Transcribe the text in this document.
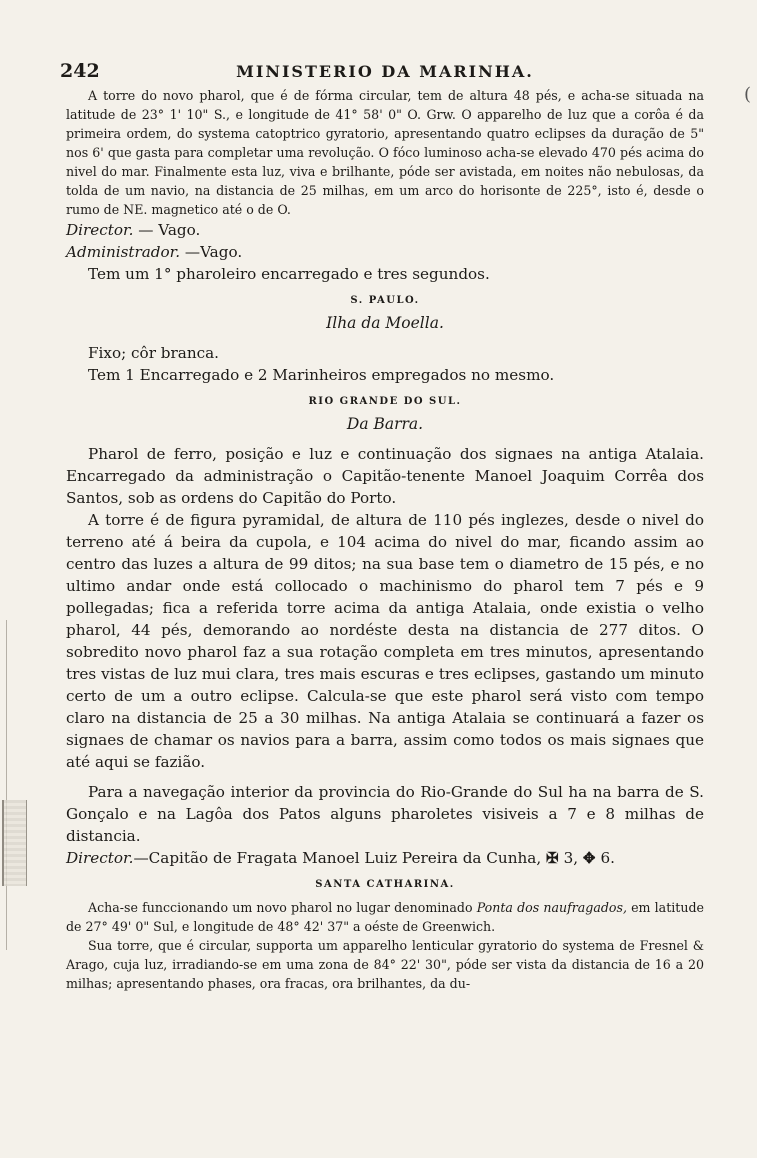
(
242	MINISTERIO DA MARINHA.

A torre do novo pharol, que é de fórma circular, tem de altura 48 pés, e acha-se situada na latitude de 23° 1' 10" S., e longitude de 41° 58' 0" O. Grw. O apparelho de luz que a corôa é da primeira ordem, do systema catoptrico gyratorio, apresentando quatro eclipses da duração de 5" nos 6' que gasta para completar uma revolução. O fóco luminoso acha-se elevado 470 pés acima do nivel do mar. Finalmente esta luz, viva e brilhante, póde ser avistada, em noites não nebulosas, da tolda de um navio, na distancia de 25 milhas, em um arco do horisonte de 225°, isto é, desde o rumo de NE. magnetico até o de O.

Director. — Vago.

Administrador. —Vago.

Tem um 1° pharoleiro encarregado e tres segundos.

S. PAULO.
Ilha da Moella.

Fixo; côr branca.

Tem 1 Encarregado e 2 Marinheiros empregados no mesmo.

RIO GRANDE DO SUL.
Da Barra.

Pharol de ferro, posição e luz e continuação dos signaes na antiga Atalaia. Encarregado da administração o Capitão-tenente Manoel Joaquim Corrêa dos Santos, sob as ordens do Capitão do Porto.

A torre é de figura pyramidal, de altura de 110 pés inglezes, desde o nivel do terreno até á beira da cupola, e 104 acima do nivel do mar, ficando assim ao centro das luzes a altura de 99 ditos; na sua base tem o diametro de 15 pés, e no ultimo andar onde está collocado o machinismo do pharol tem 7 pés e 9 pollegadas; fica a referida torre acima da antiga Atalaia, onde existia o velho pharol, 44 pés, demorando ao nordéste desta na distancia de 277 ditos. O sobredito novo pharol faz a sua rotação completa em tres minutos, apresentando tres vistas de luz mui clara, tres mais escuras e tres eclipses, gastando um minuto certo de um a outro eclipse. Calcula-se que este pharol será visto com tempo claro na distancia de 25 a 30 milhas. Na antiga Atalaia se continuará a fazer os signaes de chamar os navios para a barra, assim como todos os mais signaes que até aqui se fazião.

Para a navegação interior da provincia do Rio-Grande do Sul ha na barra de S. Gonçalo e na Lagôa dos Patos alguns pharoletes visiveis a 7 e 8 milhas de distancia.

Director.—Capitão de Fragata Manoel Luiz Pereira da Cunha, ✠ 3, ✥ 6.

SANTA CATHARINA.

Acha-se funccionando um novo pharol no lugar denominado Ponta dos naufragados, em latitude de 27° 49' 0" Sul, e longitude de 48° 42' 37" a oéste de Greenwich.

Sua torre, que é circular, supporta um apparelho lenticular gyratorio do systema de Fresnel & Arago, cuja luz, irradiando-se em uma zona de 84° 22' 30", póde ser vista da distancia de 16 a 20 milhas; apresentando phases, ora fracas, ora brilhantes, da du-
